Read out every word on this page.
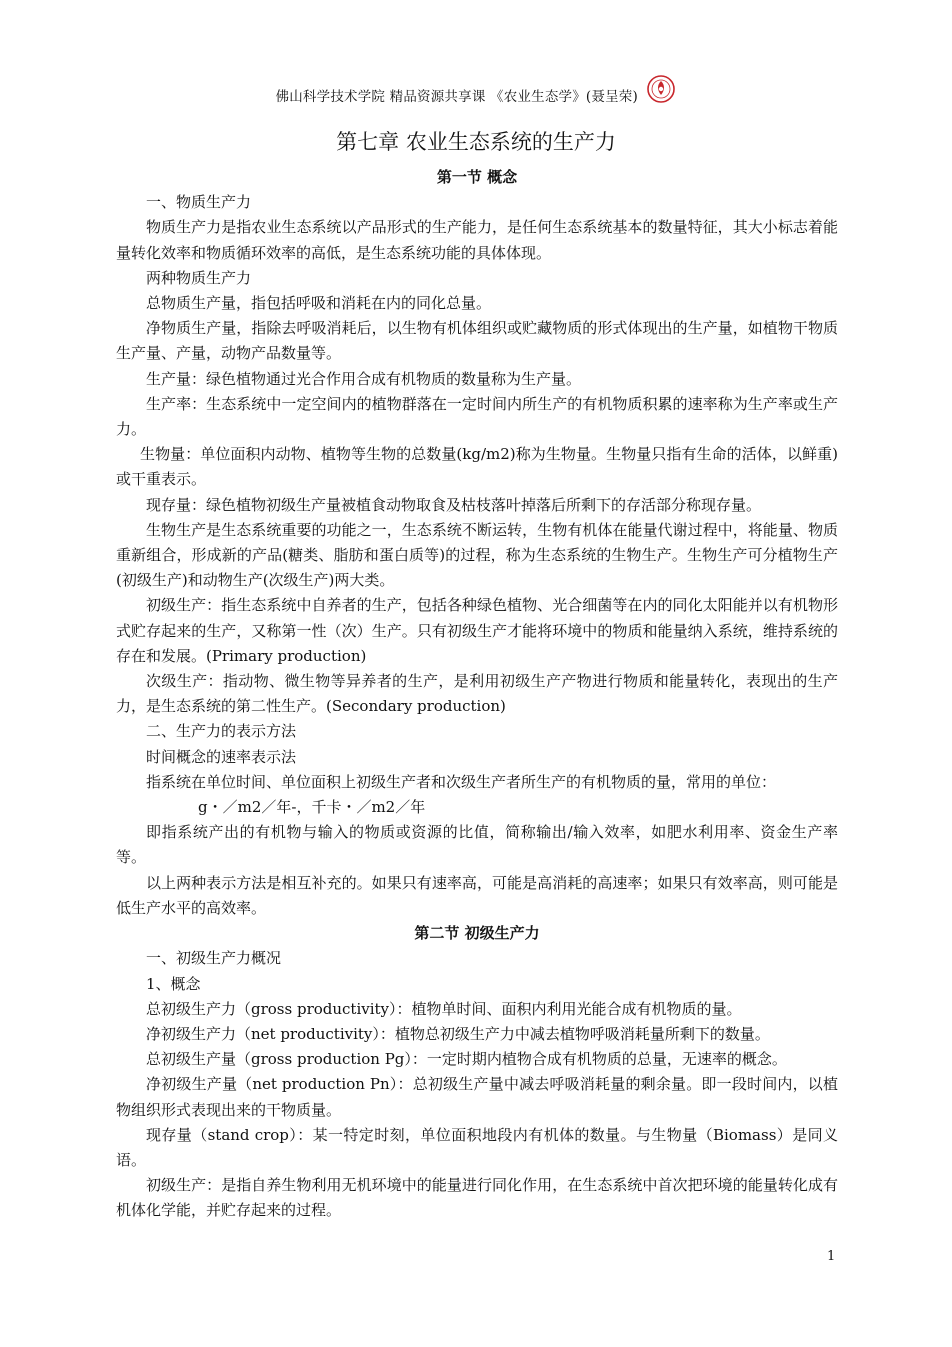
佛山科学技术学院 精品资源共享课 《农业生态学》(聂呈荣)
第七章 农业生态系统的生产力

第一节 概念

一、物质生产力

物质生产力是指农业生态系统以产品形式的生产能力，是任何生态系统基本的数量特征，其大小标志着能量转化效率和物质循环效率的高低，是生态系统功能的具体体现。

两种物质生产力

总物质生产量，指包括呼吸和消耗在内的同化总量。

净物质生产量，指除去呼吸消耗后，以生物有机体组织或贮藏物质的形式体现出的生产量，如植物干物质生产量、产量，动物产品数量等。

生产量：绿色植物通过光合作用合成有机物质的数量称为生产量。

生产率：生态系统中一定空间内的植物群落在一定时间内所生产的有机物质积累的速率称为生产率或生产力。

生物量：单位面积内动物、植物等生物的总数量(kg/m2)称为生物量。生物量只指有生命的活体，以鲜重)或干重表示。

现存量：绿色植物初级生产量被植食动物取食及枯枝落叶掉落后所剩下的存活部分称现存量。

生物生产是生态系统重要的功能之一，生态系统不断运转，生物有机体在能量代谢过程中，将能量、物质重新组合，形成新的产品(糖类、脂肪和蛋白质等)的过程，称为生态系统的生物生产。生物生产可分植物生产(初级生产)和动物生产(次级生产)两大类。

初级生产：指生态系统中自养者的生产，包括各种绿色植物、光合细菌等在内的同化太阳能并以有机物形式贮存起来的生产，又称第一性（次）生产。只有初级生产才能将环境中的物质和能量纳入系统，维持系统的存在和发展。(Primary production)

次级生产：指动物、微生物等异养者的生产，是利用初级生产产物进行物质和能量转化，表现出的生产力，是生态系统的第二性生产。(Secondary production)

二、生产力的表示方法

时间概念的速率表示法

指系统在单位时间、单位面积上初级生产者和次级生产者所生产的有机物质的量，常用的单位：

g・／m2／年-，千卡・／m2／年

即指系统产出的有机物与输入的物质或资源的比值，简称输出/输入效率，如肥水利用率、资金生产率等。

以上两种表示方法是相互补充的。如果只有速率高，可能是高消耗的高速率；如果只有效率高，则可能是低生产水平的高效率。

第二节 初级生产力

一、初级生产力概况

1、概念

总初级生产力（gross productivity）：植物单时间、面积内利用光能合成有机物质的量。

净初级生产力（net productivity）：植物总初级生产力中减去植物呼吸消耗量所剩下的数量。

总初级生产量（gross production Pg）：一定时期内植物合成有机物质的总量，无速率的概念。

净初级生产量（net production Pn）：总初级生产量中减去呼吸消耗量的剩余量。即一段时间内，以植物组织形式表现出来的干物质量。

现存量（stand crop）：某一特定时刻，单位面积地段内有机体的数量。与生物量（Biomass）是同义语。

初级生产：是指自养生物利用无机环境中的能量进行同化作用，在生态系统中首次把环境的能量转化成有机体化学能，并贮存起来的过程。

1
